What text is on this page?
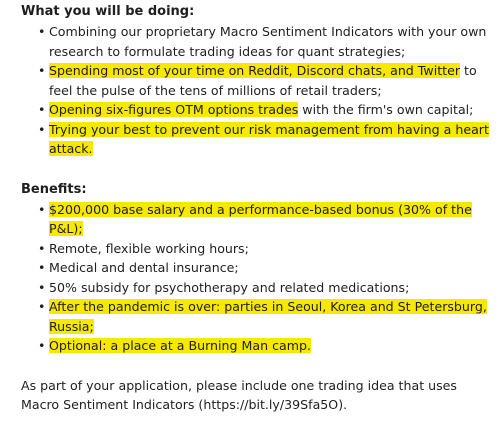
What you will be doing:

• Combining our proprietary Macro Sentiment Indicators with your own research to formulate trading ideas for quant strategies;
• Spending most of your time on Reddit, Discord chats, and Twitter to feel the pulse of the tens of millions of retail traders;
• Opening six-figures OTM options trades with the firm's own capital;
• Trying your best to prevent our risk management from having a heart attack.

Benefits:

• $200,000 base salary and a performance-based bonus (30% of the P&L);
• Remote, flexible working hours;
• Medical and dental insurance;
• 50% subsidy for psychotherapy and related medications;
• After the pandemic is over: parties in Seoul, Korea and St Petersburg, Russia;
• Optional: a place at a Burning Man camp.

As part of your application, please include one trading idea that uses Macro Sentiment Indicators (https://bit.ly/39Sfa5O).
